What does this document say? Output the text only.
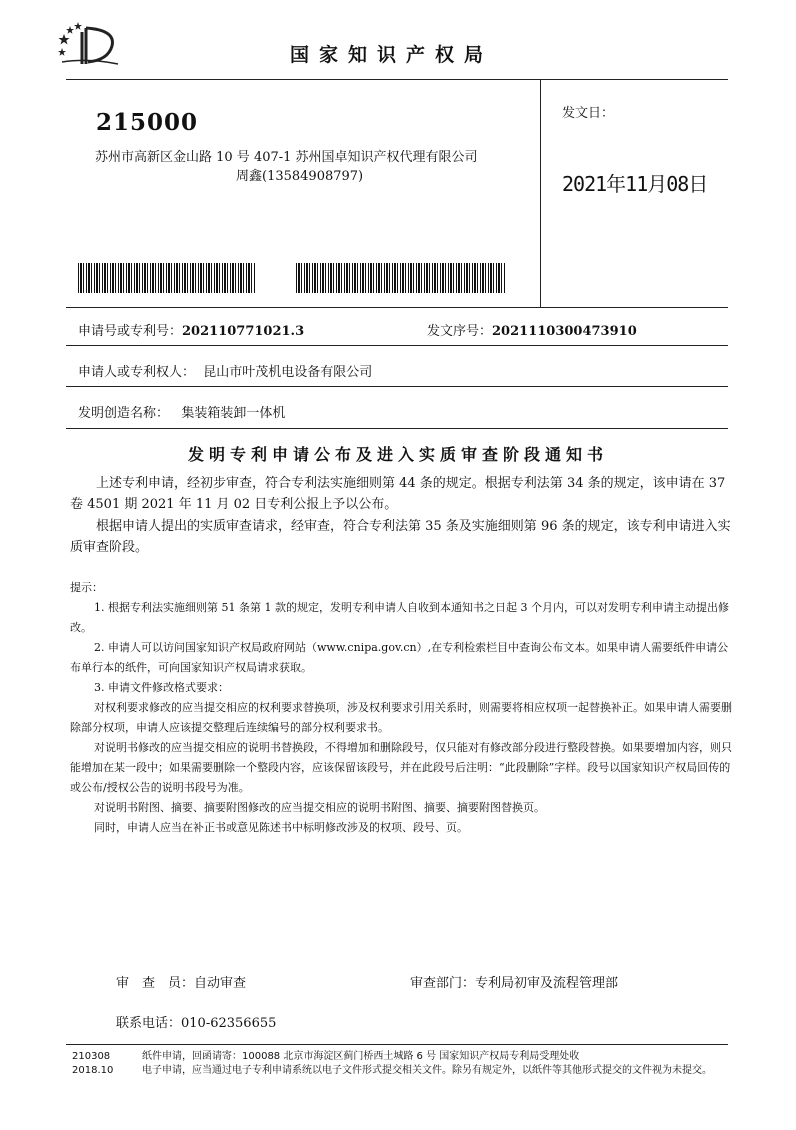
国家知识产权局
215000
苏州市高新区金山路 10 号 407-1 苏州国卓知识产权代理有限公司
周鑫(13584908797)
发文日：
2021年11月08日
申请号或专利号：202110771021.3	发文序号：2021110300473910
申请人或专利权人： 昆山市叶茂机电设备有限公司
发明创造名称： 集装箱装卸一体机
发明专利申请公布及进入实质审查阶段通知书

上述专利申请，经初步审查，符合专利法实施细则第 44 条的规定。根据专利法第 34 条的规定，该申请在 37 卷 4501 期 2021 年 11 月 02 日专利公报上予以公布。

根据申请人提出的实质审查请求，经审查，符合专利法第 35 条及实施细则第 96 条的规定，该专利申请进入实质审查阶段。

提示：

1. 根据专利法实施细则第 51 条第 1 款的规定，发明专利申请人自收到本通知书之日起 3 个月内，可以对发明专利申请主动提出修改。

2. 申请人可以访问国家知识产权局政府网站（www.cnipa.gov.cn）,在专利检索栏目中查询公布文本。如果申请人需要纸件申请公布单行本的纸件，可向国家知识产权局请求获取。

3. 申请文件修改格式要求：

对权利要求修改的应当提交相应的权利要求替换项，涉及权利要求引用关系时，则需要将相应权项一起替换补正。如果申请人需要删除部分权项，申请人应该提交整理后连续编号的部分权利要求书。

对说明书修改的应当提交相应的说明书替换段，不得增加和删除段号，仅只能对有修改部分段进行整段替换。如果要增加内容，则只能增加在某一段中；如果需要删除一个整段内容，应该保留该段号，并在此段号后注明：“此段删除”字样。段号以国家知识产权局回传的或公布/授权公告的说明书段号为准。

对说明书附图、摘要、摘要附图修改的应当提交相应的说明书附图、摘要、摘要附图替换页。

同时，申请人应当在补正书或意见陈述书中标明修改涉及的权项、段号、页。

审　查　员：自动审查	审查部门：专利局初审及流程管理部
联系电话：010-62356655
210308
2018.10
纸件申请，回函请寄：100088 北京市海淀区蓟门桥西土城路 6 号 国家知识产权局专利局受理处收
电子申请，应当通过电子专利申请系统以电子文件形式提交相关文件。除另有规定外，以纸件等其他形式提交的文件视为未提交。
